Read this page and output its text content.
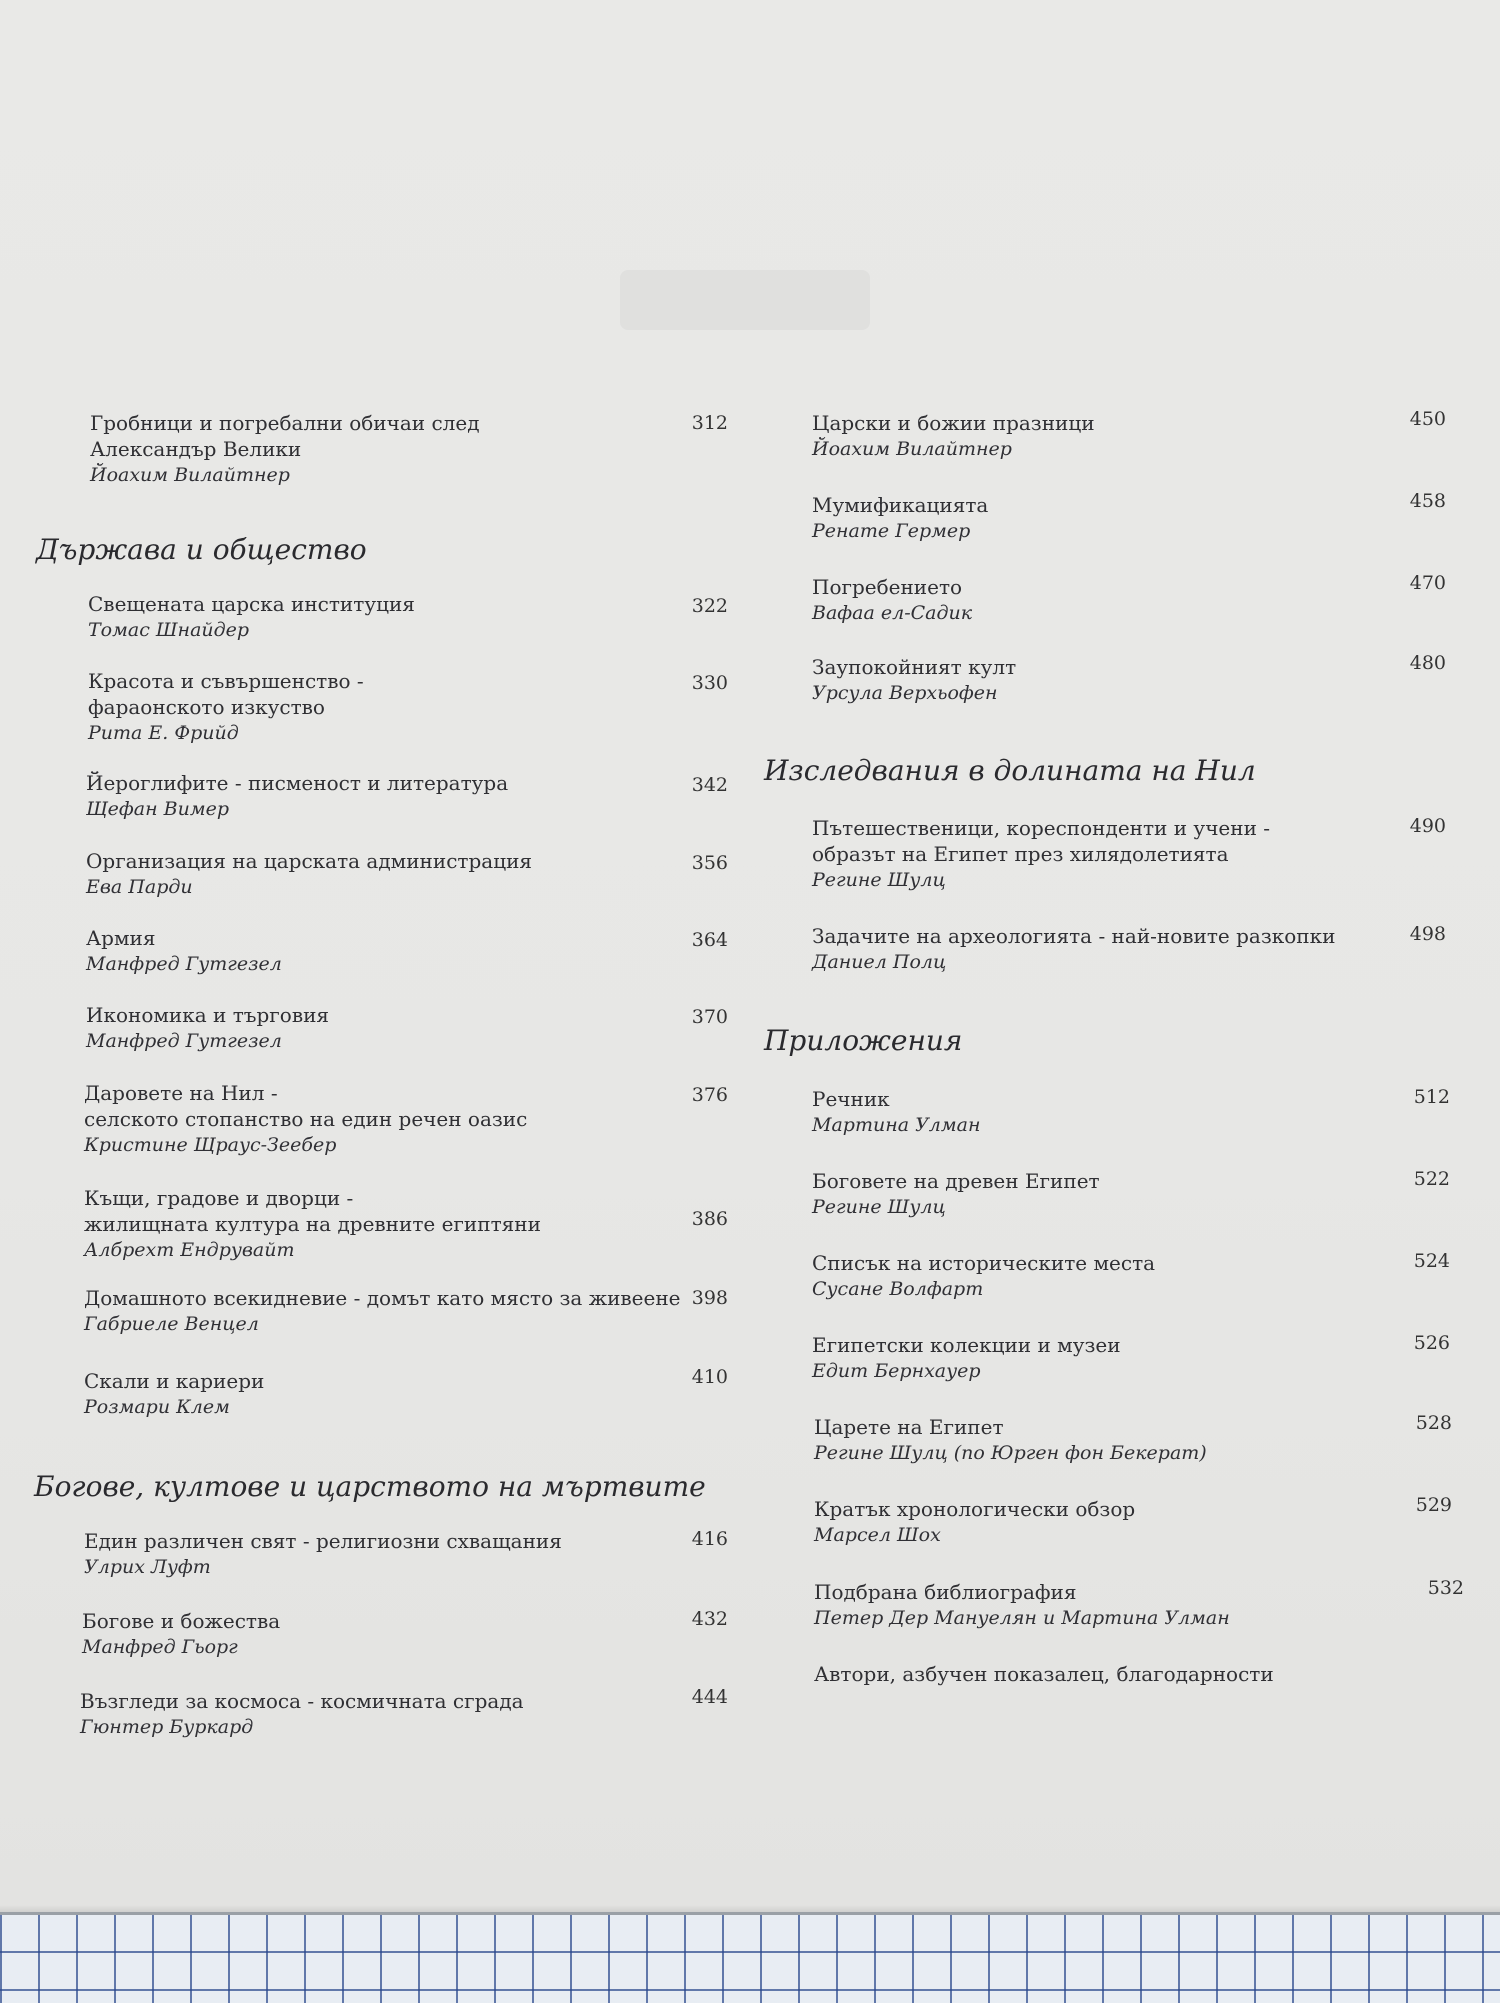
Гробници и погребални обичаи след
Александър Велики
Йоахим Вилайтнер
312
Държава и общество
Свещената царска институция
Томас Шнайдер
322
Красота и съвършенство -
фараонското изкуство
Рита Е. Фрийд
330
Йероглифите - писменост и литература
Щефан Вимер
342
Организация на царската администрация
Ева Парди
356
Армия
Манфред Гутгезел
364
Икономика и търговия
Манфред Гутгезел
370
Даровете на Нил -
селското стопанство на един речен оазис
Кристине Щраус-Зеебер
376
Къщи, градове и дворци -
жилищната култура на древните египтяни
Албрехт Ендрувайт
386
Домашното всекидневие - домът като място за живеене
Габриеле Венцел
398
Скали и кариери
Розмари Клем
410
Богове, култове и царството на мъртвите
Един различен свят - религиозни схващания
Улрих Луфт
416
Богове и божества
Манфред Гьорг
432
Възгледи за космоса - космичната сграда
Гюнтер Буркард
444
Царски и божии празници
Йоахим Вилайтнер
450
Мумификацията
Ренате Гермер
458
Погребението
Вафаа ел-Садик
470
Заупокойният култ
Урсула Верхьофен
480
Изследвания в долината на Нил
Пътешественици, кореспонденти и учени -
образът на Египет през хилядолетията
Регине Шулц
490
Задачите на археологията - най-новите разкопки
Даниел Полц
498
Приложения
Речник
Мартина Улман
512
Боговете на древен Египет
Регине Шулц
522
Списък на историческите места
Сусане Волфарт
524
Египетски колекции и музеи
Едит Бернхауер
526
Царете на Египет
Регине Шулц (по Юрген фон Бекерат)
528
Кратък хронологически обзор
Марсел Шох
529
Подбрана библиография
Петер Дер Мануелян и Мартина Улман
532
Автори, азбучен показалец, благодарности
